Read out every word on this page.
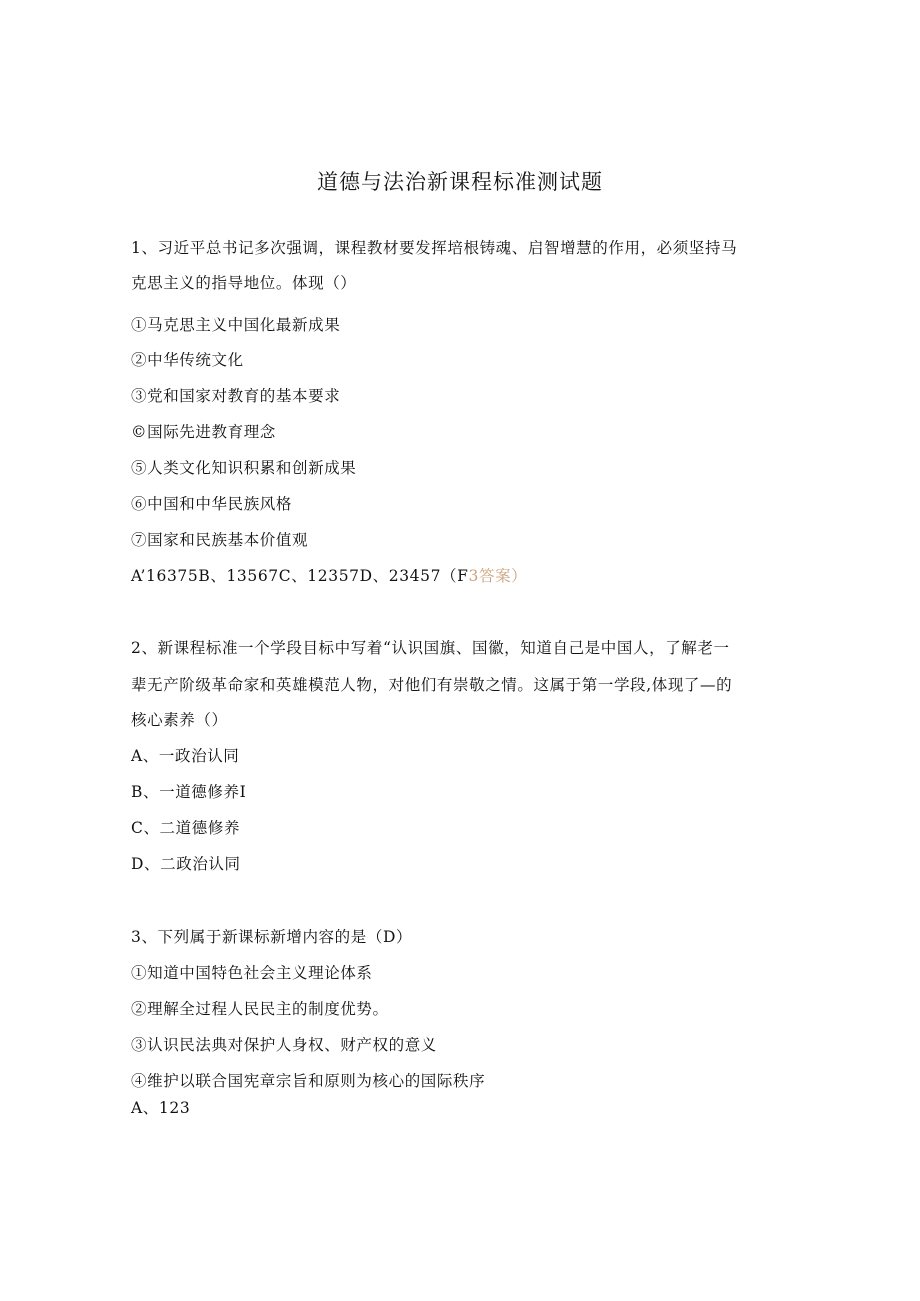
道德与法治新课程标准测试题
1、习近平总书记多次强调，课程教材要发挥培根铸魂、启智增慧的作用，必须坚持马
克思主义的指导地位。体现（）
①马克思主义中国化最新成果
②中华传统文化
③党和国家对教育的基本要求
©国际先进教育理念
⑤人类文化知识积累和创新成果
⑥中国和中华民族风格
⑦国家和民族基本价值观
A’16375B、13567C、12357D、23457（F3答案）
2、新课程标准一个学段目标中写着“认识国旗、国徽，知道自己是中国人，了解老一
辈无产阶级革命家和英雄模范人物，对他们有崇敬之情。这属于第一学段,体现了—的
核心素养（）
A、一政治认同
B、一道德修养I
C、二道德修养
D、二政治认同
3、下列属于新课标新增内容的是（D）
①知道中国特色社会主义理论体系
②理解全过程人民民主的制度优势。
③认识民法典对保护人身权、财产权的意义
④维护以联合国宪章宗旨和原则为核心的国际秩序
A、123
